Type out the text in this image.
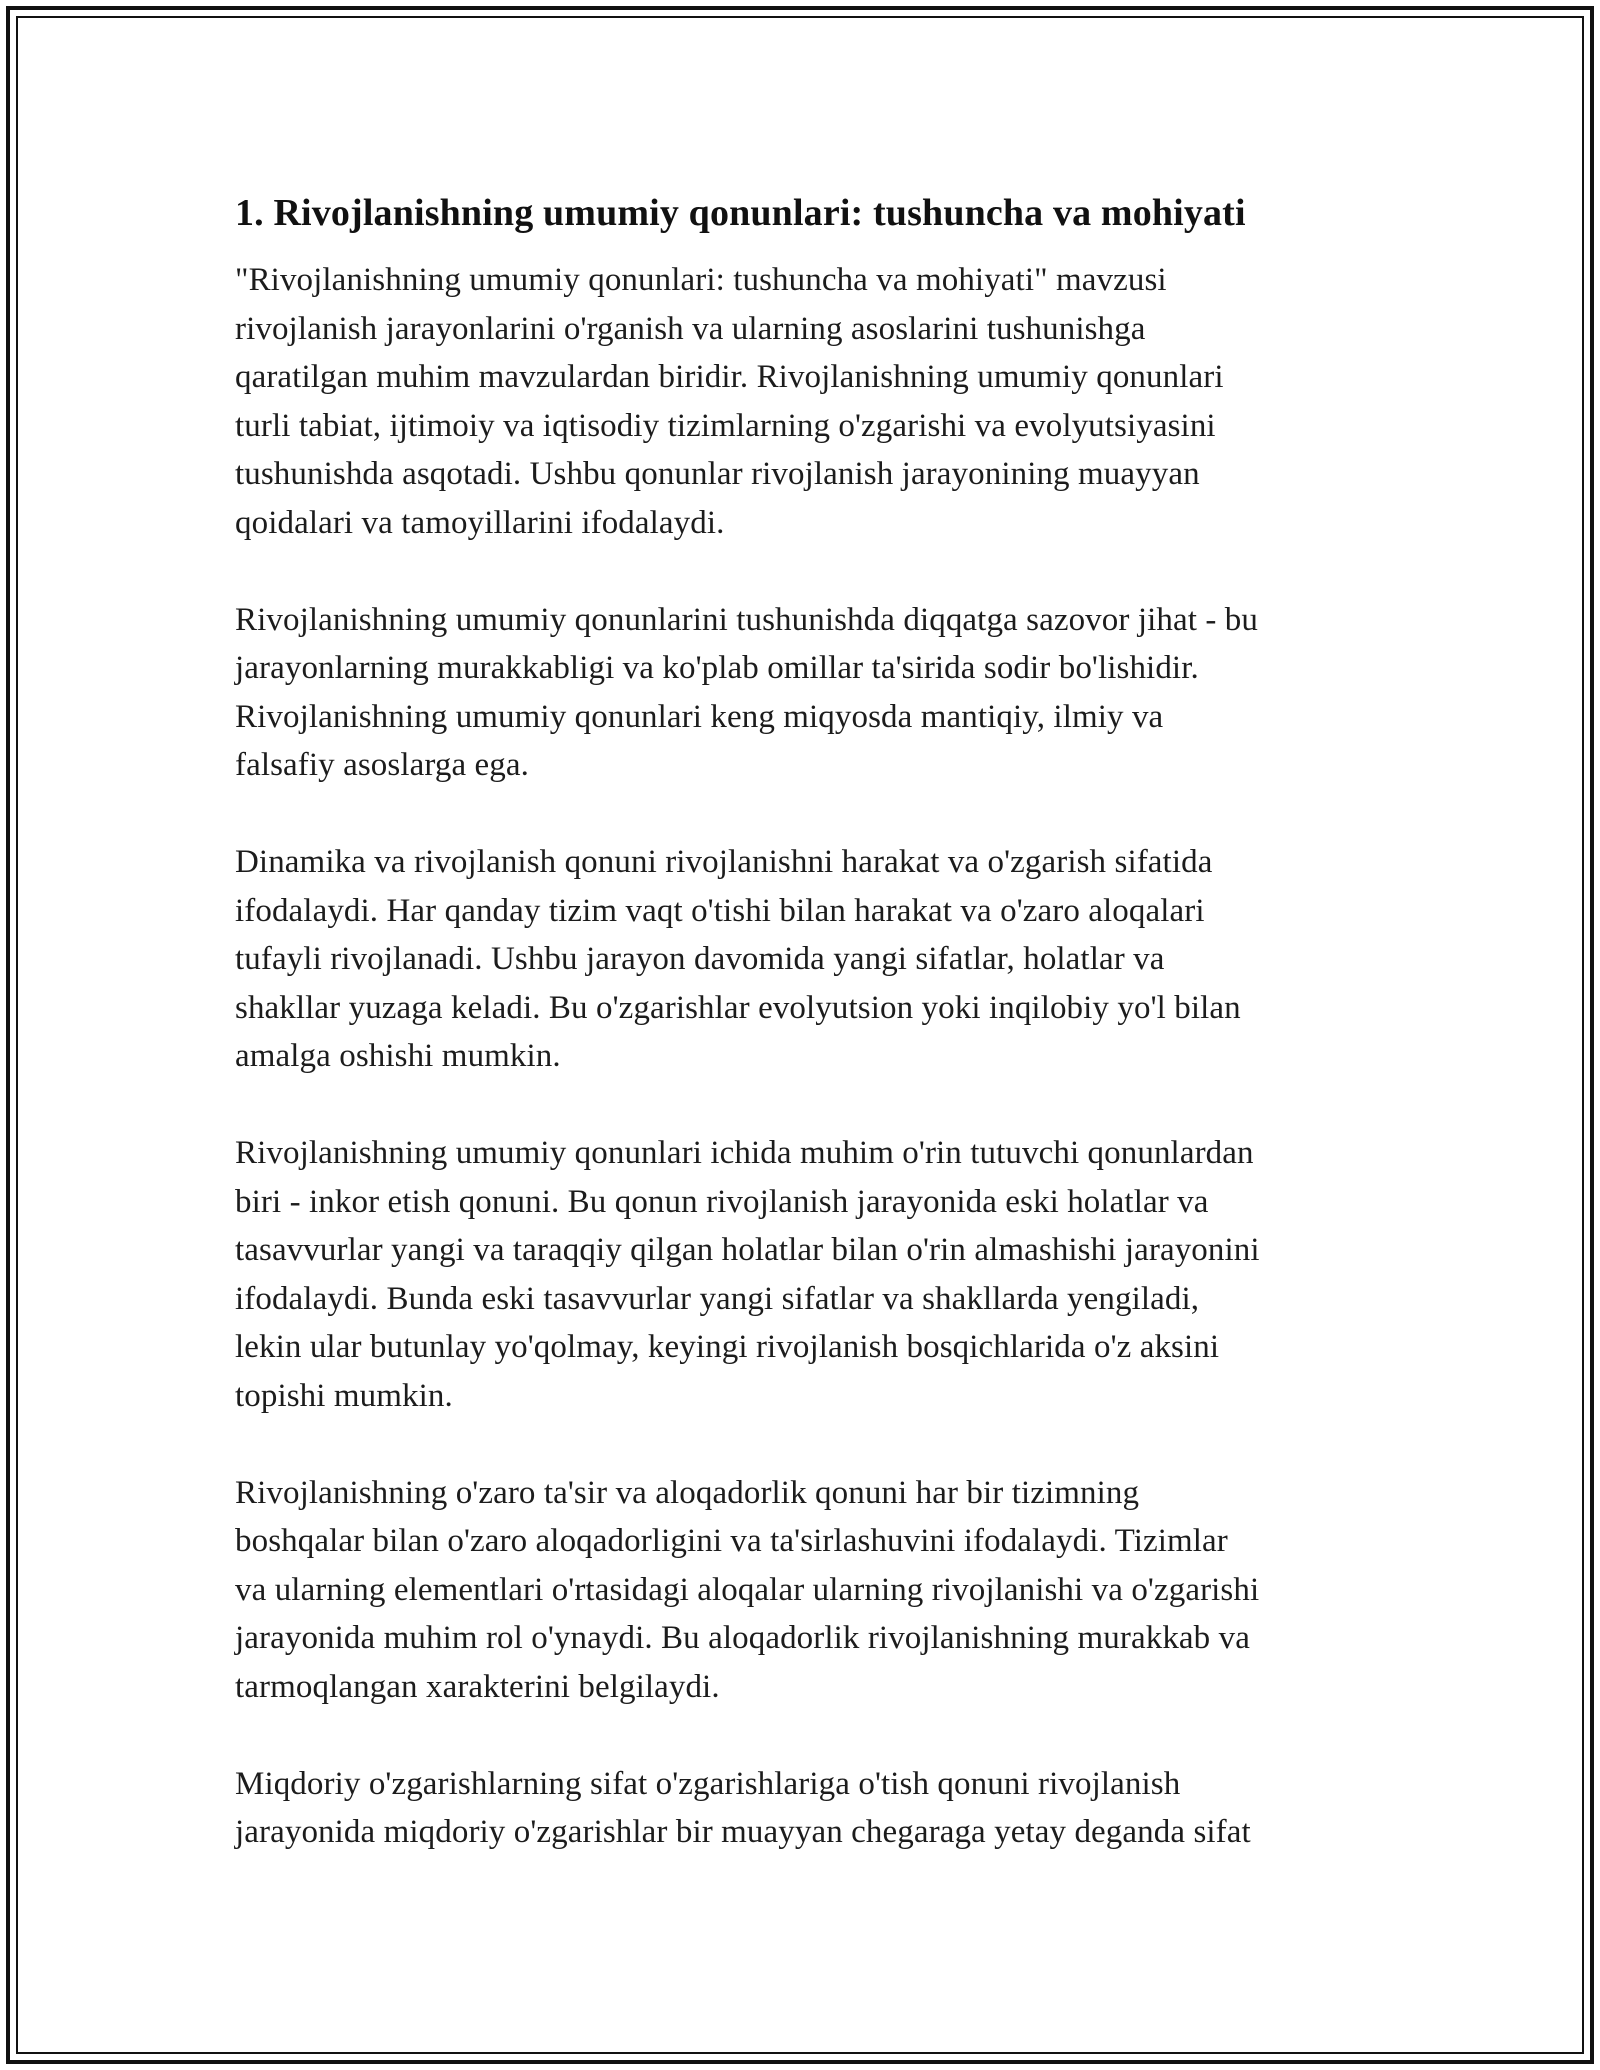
1. Rivojlanishning umumiy qonunlari: tushuncha va mohiyati

"Rivojlanishning umumiy qonunlari: tushuncha va mohiyati" mavzusi
rivojlanish jarayonlarini o'rganish va ularning asoslarini tushunishga
qaratilgan muhim mavzulardan biridir. Rivojlanishning umumiy qonunlari
turli tabiat, ijtimoiy va iqtisodiy tizimlarning o'zgarishi va evolyutsiyasini
tushunishda asqotadi. Ushbu qonunlar rivojlanish jarayonining muayyan
qoidalari va tamoyillarini ifodalaydi.

Rivojlanishning umumiy qonunlarini tushunishda diqqatga sazovor jihat - bu
jarayonlarning murakkabligi va ko'plab omillar ta'sirida sodir bo'lishidir.
Rivojlanishning umumiy qonunlari keng miqyosda mantiqiy, ilmiy va
falsafiy asoslarga ega.

Dinamika va rivojlanish qonuni rivojlanishni harakat va o'zgarish sifatida
ifodalaydi. Har qanday tizim vaqt o'tishi bilan harakat va o'zaro aloqalari
tufayli rivojlanadi. Ushbu jarayon davomida yangi sifatlar, holatlar va
shakllar yuzaga keladi. Bu o'zgarishlar evolyutsion yoki inqilobiy yo'l bilan
amalga oshishi mumkin.

Rivojlanishning umumiy qonunlari ichida muhim o'rin tutuvchi qonunlardan
biri - inkor etish qonuni. Bu qonun rivojlanish jarayonida eski holatlar va
tasavvurlar yangi va taraqqiy qilgan holatlar bilan o'rin almashishi jarayonini
ifodalaydi. Bunda eski tasavvurlar yangi sifatlar va shakllarda yengiladi,
lekin ular butunlay yo'qolmay, keyingi rivojlanish bosqichlarida o'z aksini
topishi mumkin.

Rivojlanishning o'zaro ta'sir va aloqadorlik qonuni har bir tizimning
boshqalar bilan o'zaro aloqadorligini va ta'sirlashuvini ifodalaydi. Tizimlar
va ularning elementlari o'rtasidagi aloqalar ularning rivojlanishi va o'zgarishi
jarayonida muhim rol o'ynaydi. Bu aloqadorlik rivojlanishning murakkab va
tarmoqlangan xarakterini belgilaydi.

Miqdoriy o'zgarishlarning sifat o'zgarishlariga o'tish qonuni rivojlanish
jarayonida miqdoriy o'zgarishlar bir muayyan chegaraga yetay deganda sifat
